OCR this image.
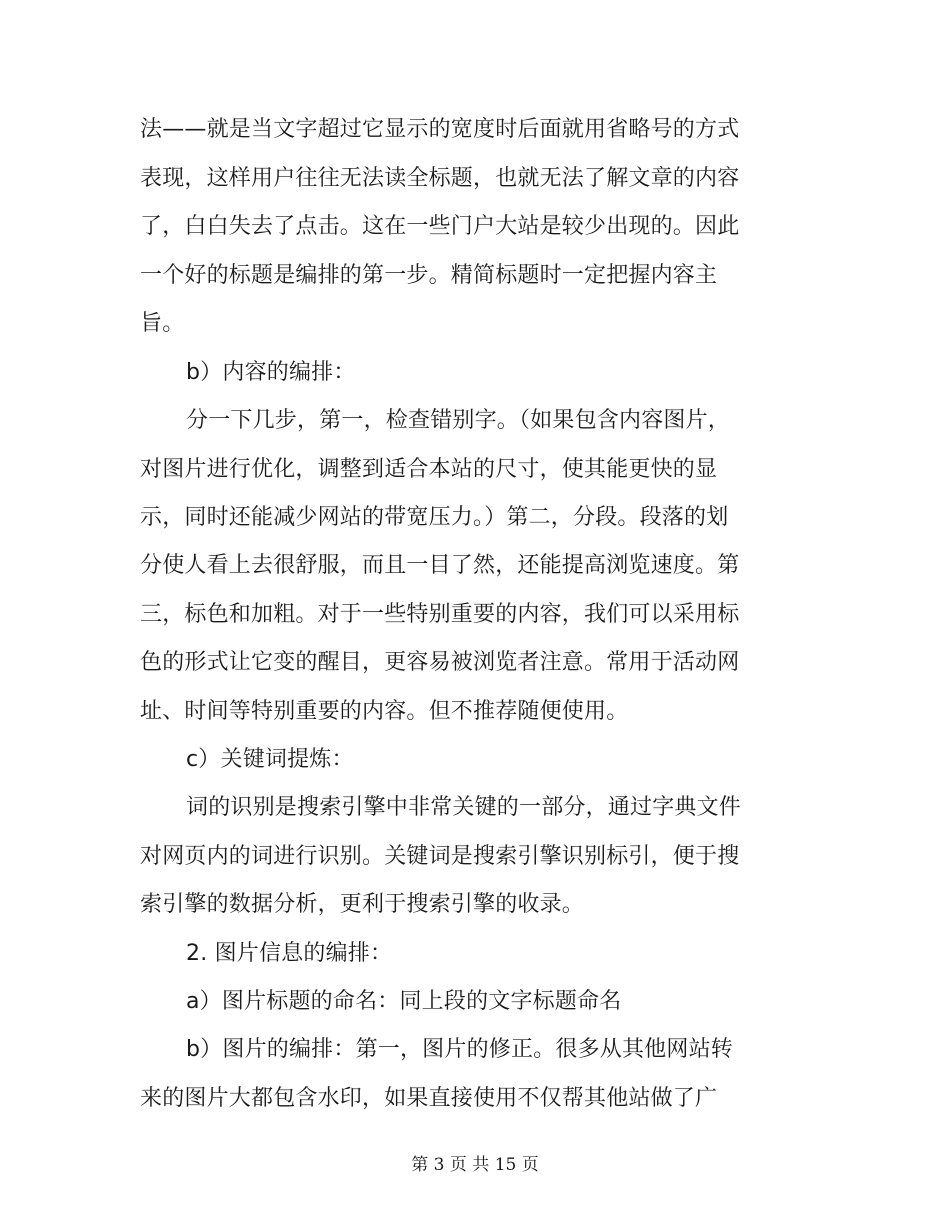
法——就是当文字超过它显示的宽度时后面就用省略号的方式
表现，这样用户往往无法读全标题，也就无法了解文章的内容
了，白白失去了点击。这在一些门户大站是较少出现的。因此
一个好的标题是编排的第一步。精简标题时一定把握内容主
旨。
b）内容的编排：
分一下几步，第一，检查错别字。（如果包含内容图片，
对图片进行优化，调整到适合本站的尺寸，使其能更快的显
示，同时还能减少网站的带宽压力。）第二，分段。段落的划
分使人看上去很舒服，而且一目了然，还能提高浏览速度。第
三，标色和加粗。对于一些特别重要的内容，我们可以采用标
色的形式让它变的醒目，更容易被浏览者注意。常用于活动网
址、时间等特别重要的内容。但不推荐随便使用。
c）关键词提炼：
词的识别是搜索引擎中非常关键的一部分，通过字典文件
对网页内的词进行识别。关键词是搜索引擎识别标引，便于搜
索引擎的数据分析，更利于搜索引擎的收录。
2. 图片信息的编排：
a）图片标题的命名：同上段的文字标题命名
b）图片的编排：第一，图片的修正。很多从其他网站转
来的图片大都包含水印，如果直接使用不仅帮其他站做了广
第 3 页 共 15 页
